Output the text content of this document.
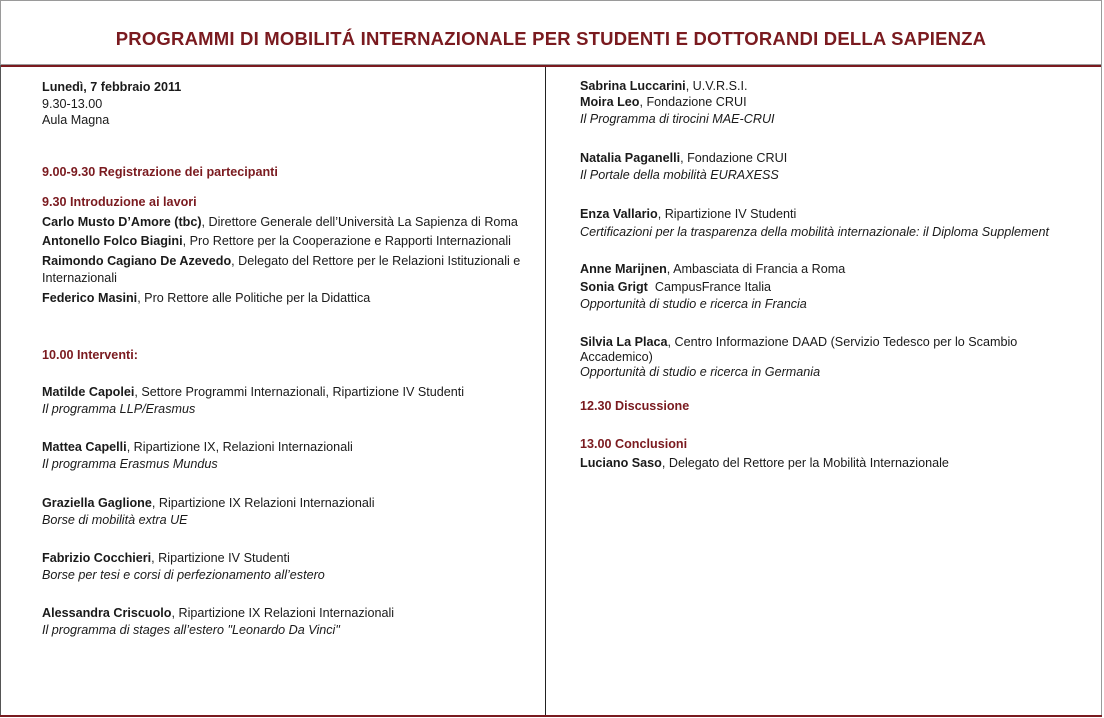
PROGRAMMI DI MOBILITÁ INTERNAZIONALE PER STUDENTI E DOTTORANDI DELLA SAPIENZA
Lunedì, 7 febbraio 2011
9.30-13.00
Aula Magna
9.00-9.30 Registrazione dei partecipanti
9.30 Introduzione ai lavori
Carlo Musto D’Amore (tbc), Direttore Generale dell’Università La Sapienza di Roma
Antonello Folco Biagini, Pro Rettore per la Cooperazione e Rapporti Internazionali
Raimondo Cagiano De Azevedo, Delegato del Rettore per le Relazioni Istituzionali e Internazionali
Federico Masini, Pro Rettore alle Politiche per la Didattica
10.00 Interventi:
Matilde Capolei, Settore Programmi Internazionali, Ripartizione IV Studenti
Il programma LLP/Erasmus
Mattea Capelli, Ripartizione IX, Relazioni Internazionali
Il programma Erasmus Mundus
Graziella Gaglione, Ripartizione IX Relazioni Internazionali
Borse di mobilità extra UE
Fabrizio Cocchieri, Ripartizione IV Studenti
Borse per tesi e corsi di perfezionamento all’estero
Alessandra Criscuolo, Ripartizione IX Relazioni Internazionali
Il programma di stages all’estero "Leonardo Da Vinci"
Sabrina Luccarini, U.V.R.S.I.
Moira Leo, Fondazione CRUI
Il Programma di tirocini MAE-CRUI
Natalia Paganelli, Fondazione CRUI
Il Portale della mobilità EURAXESS
Enza Vallario, Ripartizione IV Studenti
Certificazioni per la trasparenza della mobilità internazionale: il Diploma Supplement
Anne Marijnen, Ambasciata di Francia a Roma
Sonia Grigt  CampusFrance Italia
Opportunità di studio e ricerca in Francia
Silvia La Placa, Centro Informazione DAAD (Servizio Tedesco per lo Scambio Accademico)
Opportunità di studio e ricerca in Germania
12.30 Discussione
13.00 Conclusioni
Luciano Saso, Delegato del Rettore per la Mobilità Internazionale
